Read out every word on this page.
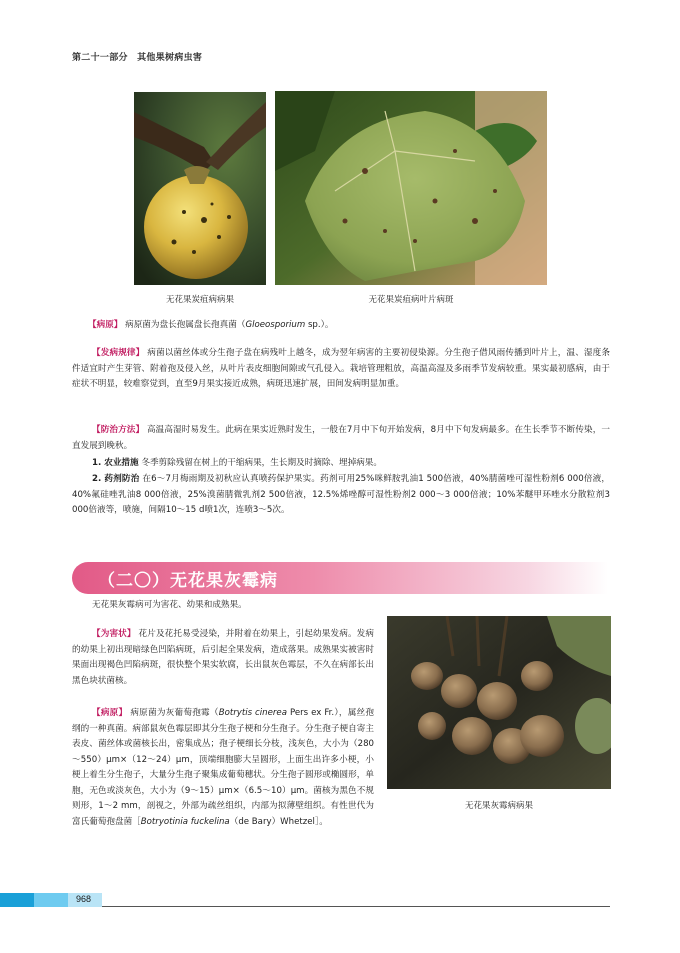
第二十一部分　其他果树病虫害
无花果炭疽病病果	无花果炭疽病叶片病斑
【病原】 病原菌为盘长孢属盘长孢真菌（Gloeosporium sp.）。
【发病规律】 病菌以菌丝体或分生孢子盘在病残叶上越冬，成为翌年病害的主要初侵染源。分生孢子借风雨传播到叶片上，温、湿度条件适宜时产生芽管、附着孢及侵入丝，从叶片表皮细胞间隙或气孔侵入。栽培管理粗放，高温高湿及多雨季节发病较重。果实最初感病，由于症状不明显，较难察觉到，直至9月果实接近成熟，病斑迅速扩展，田间发病明显加重。
【防治方法】 高温高湿时易发生。此病在果实近熟时发生，一般在7月中下旬开始发病，8月中下旬发病最多。在生长季节不断传染，一直发展到晚秋。
1. 农业措施 冬季剪除残留在树上的干缩病果，生长期及时摘除、埋掉病果。
2. 药剂防治 在6～7月梅雨期及初秋应认真喷药保护果实。药剂可用25%咪鲜胺乳油1 500倍液，40%腈菌唑可湿性粉剂6 000倍液，40%氟硅唑乳油8 000倍液，25%溴菌腈微乳剂2 500倍液，12.5%烯唑醇可湿性粉剂2 000～3 000倍液；10%苯醚甲环唑水分散粒剂3 000倍液等，喷施，间隔10～15 d喷1次，连喷3～5次。
（二〇）无花果灰霉病
无花果灰霉病可为害花、幼果和成熟果。
无花果灰霉病病果
【为害状】 花片及花托易受浸染，并附着在幼果上，引起幼果发病。发病的幼果上初出现暗绿色凹陷病斑，后引起全果发病，造成落果。成熟果实被害时果面出现褐色凹陷病斑，很快整个果实软腐，长出鼠灰色霉层，不久在病部长出黑色块状菌核。
【病原】 病原菌为灰葡萄孢霉（Botrytis cinerea Pers ex Fr.），属丝孢纲的一种真菌。病部鼠灰色霉层即其分生孢子梗和分生孢子。分生孢子梗自寄主表皮、菌丝体或菌核长出，密集成丛；孢子梗细长分枝，浅灰色，大小为（280～550）μm×（12～24）μm，顶端细胞膨大呈圆形，上面生出许多小梗，小梗上着生分生孢子，大量分生孢子聚集成葡萄穗状。分生孢子圆形或椭圆形，单胞，无色或淡灰色，大小为（9～15）μm×（6.5～10）μm。菌核为黑色不规则形，1～2 mm，剖视之，外部为疏丝组织，内部为拟薄壁组织。有性世代为富氏葡萄孢盘菌［Botryotinia fuckelina（de Bary）Whetzel］。
968
